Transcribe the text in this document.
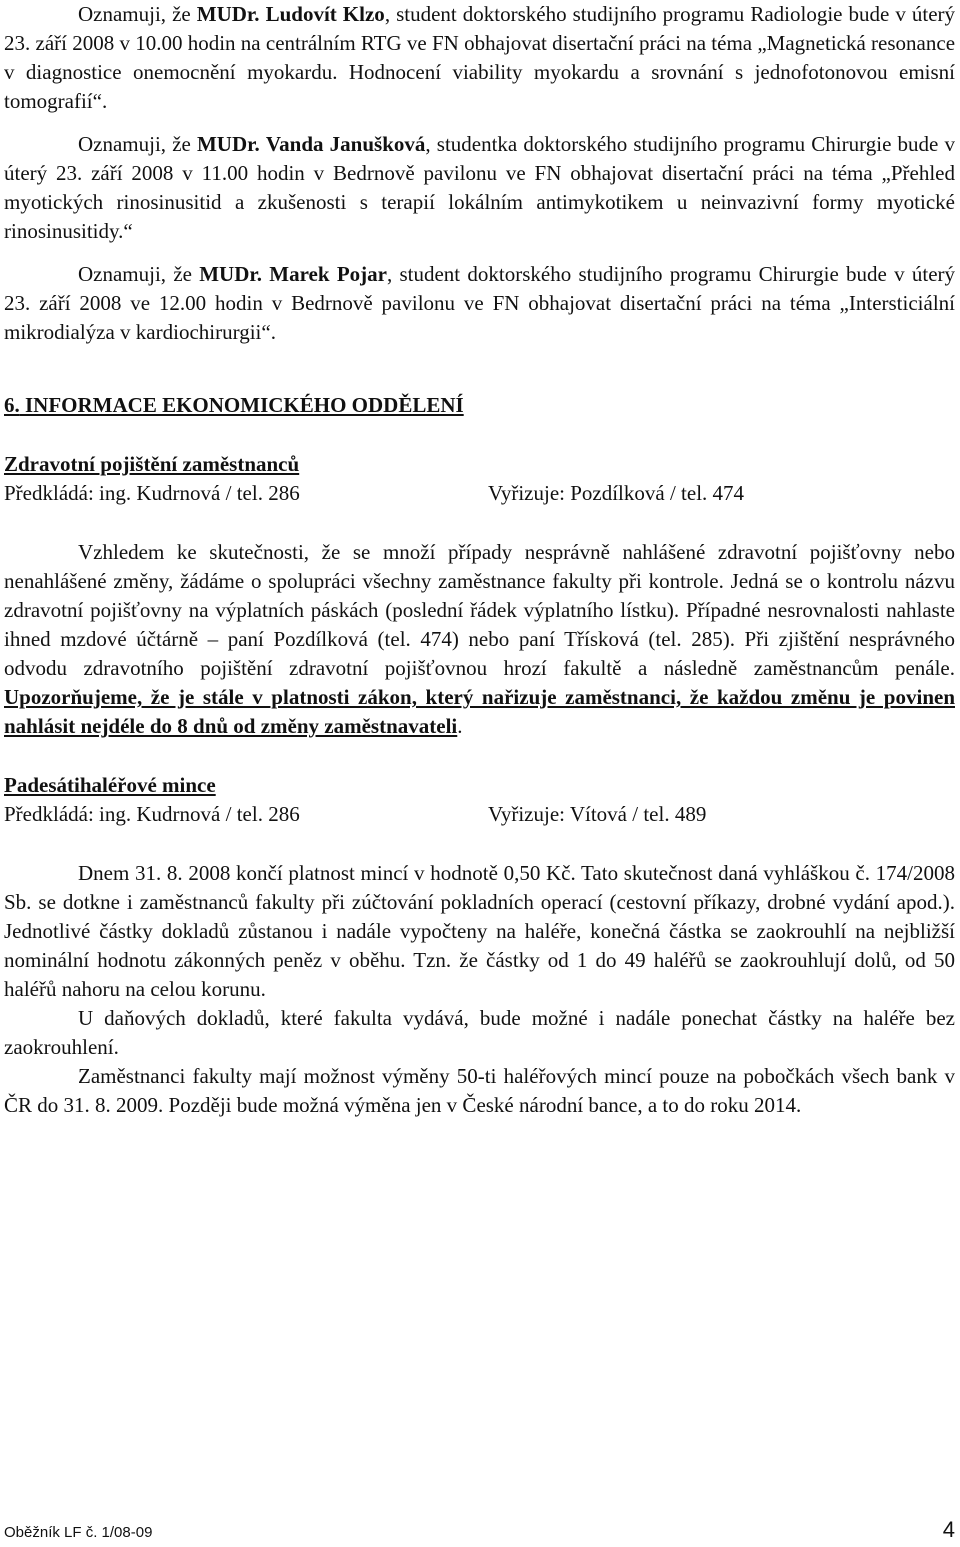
Oznamuji, že MUDr. Ludovít Klzo, student doktorského studijního programu Radiologie bude v úterý 23. září 2008 v 10.00 hodin na centrálním RTG ve FN obhajovat disertační práci na téma „Magnetická resonance v diagnostice onemocnění myokardu. Hodnocení viability myokardu a srovnání s jednofotonovou emisní tomografií“.

Oznamuji, že MUDr. Vanda Janušková, studentka doktorského studijního programu Chirurgie bude v úterý 23. září 2008 v 11.00 hodin v Bedrnově pavilonu ve FN obhajovat disertační práci na téma „Přehled myotických rinosinusitid a zkušenosti s terapií lokálním antimykotikem u neinvazivní formy myotické rinosinusitidy.“

Oznamuji, že MUDr. Marek Pojar, student doktorského studijního programu Chirurgie bude v úterý 23. září 2008 ve 12.00 hodin v Bedrnově pavilonu ve FN obhajovat disertační práci na téma „Intersticiální mikrodialýza v kardiochirurgii“.

6. INFORMACE EKONOMICKÉHO ODDĚLENÍ

Zdravotní pojištění zaměstnanců

Předkládá: ing. Kudrnová / tel. 286	Vyřizuje: Pozdílková / tel. 474

Vzhledem ke skutečnosti, že se množí případy nesprávně nahlášené zdravotní pojišťovny nebo nenahlášené změny, žádáme o spolupráci všechny zaměstnance fakulty při kontrole. Jedná se o kontrolu názvu zdravotní pojišťovny na výplatních páskách (poslední řádek výplatního lístku). Případné nesrovnalosti nahlaste ihned mzdové účtárně – paní Pozdílková (tel. 474) nebo paní Třísková (tel. 285). Při zjištění nesprávného odvodu zdravotního pojištění zdravotní pojišťovnou hrozí fakultě a následně zaměstnancům penále. Upozorňujeme, že je stále v platnosti zákon, který nařizuje zaměstnanci, že každou změnu je povinen nahlásit nejdéle do 8 dnů od změny zaměstnavateli.

Padesátihaléřové mince

Předkládá: ing. Kudrnová / tel. 286	Vyřizuje: Vítová / tel. 489

Dnem 31. 8. 2008 končí platnost mincí v hodnotě 0,50 Kč. Tato skutečnost daná vyhláškou č. 174/2008 Sb. se dotkne i zaměstnanců fakulty při zúčtování pokladních operací (cestovní příkazy, drobné vydání apod.). Jednotlivé částky dokladů zůstanou i nadále vypočteny na haléře, konečná částka se zaokrouhlí na nejbližší nominální hodnotu zákonných peněz v oběhu. Tzn. že částky od 1 do 49 haléřů se zaokrouhlují dolů, od 50 haléřů nahoru na celou korunu.

U daňových dokladů, které fakulta vydává, bude možné i nadále ponechat částky na haléře bez zaokrouhlení.

Zaměstnanci fakulty mají možnost výměny 50-ti haléřových mincí pouze na pobočkách všech bank v ČR do 31. 8. 2009. Později bude možná výměna jen v České národní bance, a to do roku 2014.

Oběžník LF č. 1/08-09	4
